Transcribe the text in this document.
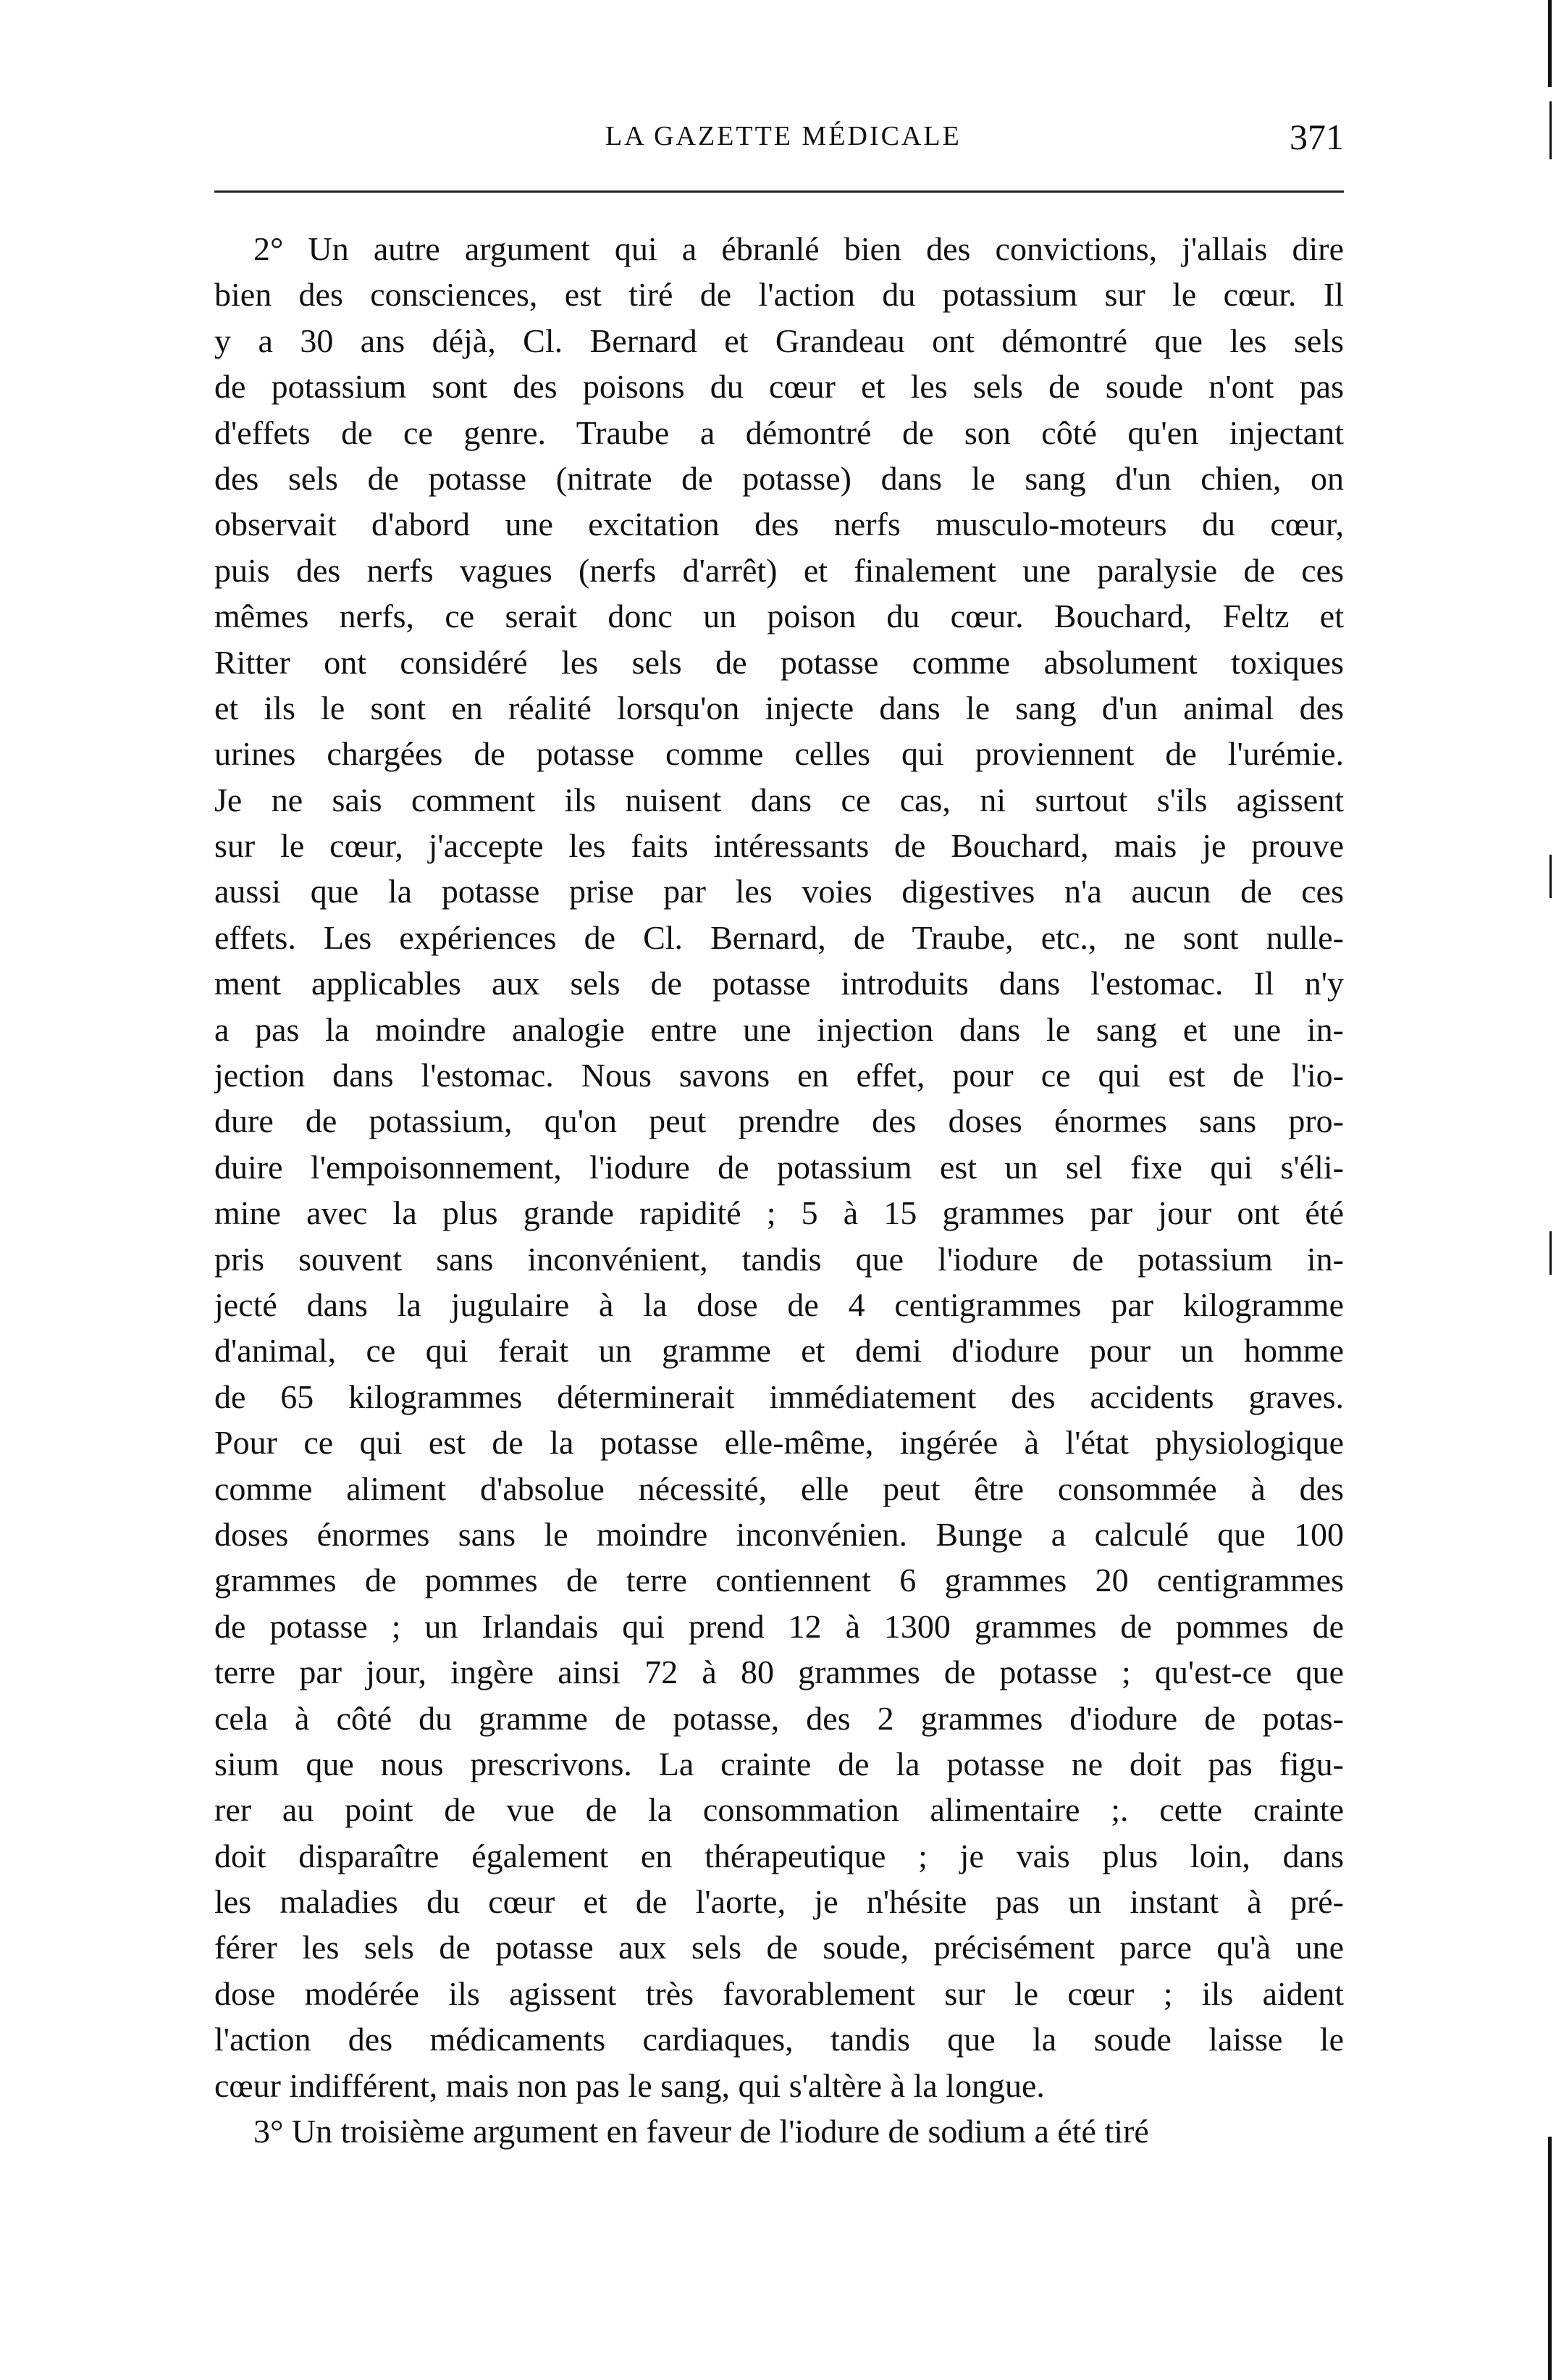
LA GAZETTE MÉDICALE	371
2° Un autre argument qui a ébranlé bien des convictions, j'allais dire
bien des consciences, est tiré de l'action du potassium sur le cœur. Il
y a 30 ans déjà, Cl. Bernard et Grandeau ont démontré que les sels
de potassium sont des poisons du cœur et les sels de soude n'ont pas
d'effets de ce genre. Traube a démontré de son côté qu'en injectant
des sels de potasse (nitrate de potasse) dans le sang d'un chien, on
observait d'abord une excitation des nerfs musculo-moteurs du cœur,
puis des nerfs vagues (nerfs d'arrêt) et finalement une paralysie de ces
mêmes nerfs, ce serait donc un poison du cœur. Bouchard, Feltz et
Ritter ont considéré les sels de potasse comme absolument toxiques
et ils le sont en réalité lorsqu'on injecte dans le sang d'un animal des
urines chargées de potasse comme celles qui proviennent de l'urémie.
Je ne sais comment ils nuisent dans ce cas, ni surtout s'ils agissent
sur le cœur, j'accepte les faits intéressants de Bouchard, mais je prouve
aussi que la potasse prise par les voies digestives n'a aucun de ces
effets. Les expériences de Cl. Bernard, de Traube, etc., ne sont nulle-
ment applicables aux sels de potasse introduits dans l'estomac. Il n'y
a pas la moindre analogie entre une injection dans le sang et une in-
jection dans l'estomac. Nous savons en effet, pour ce qui est de l'io-
dure de potassium, qu'on peut prendre des doses énormes sans pro-
duire l'empoisonnement, l'iodure de potassium est un sel fixe qui s'éli-
mine avec la plus grande rapidité ; 5 à 15 grammes par jour ont été
pris souvent sans inconvénient, tandis que l'iodure de potassium in-
jecté dans la jugulaire à la dose de 4 centigrammes par kilogramme
d'animal, ce qui ferait un gramme et demi d'iodure pour un homme
de 65 kilogrammes déterminerait immédiatement des accidents graves.
Pour ce qui est de la potasse elle-même, ingérée à l'état physiologique
comme aliment d'absolue nécessité, elle peut être consommée à des
doses énormes sans le moindre inconvénien. Bunge a calculé que 100
grammes de pommes de terre contiennent 6 grammes 20 centigrammes
de potasse ; un Irlandais qui prend 12 à 1300 grammes de pommes de
terre par jour, ingère ainsi 72 à 80 grammes de potasse ; qu'est-ce que
cela à côté du gramme de potasse, des 2 grammes d'iodure de potas-
sium que nous prescrivons. La crainte de la potasse ne doit pas figu-
rer au point de vue de la consommation alimentaire ;. cette crainte
doit disparaître également en thérapeutique ; je vais plus loin, dans
les maladies du cœur et de l'aorte, je n'hésite pas un instant à pré-
férer les sels de potasse aux sels de soude, précisément parce qu'à une
dose modérée ils agissent très favorablement sur le cœur ; ils aident
l'action des médicaments cardiaques, tandis que la soude laisse le
cœur indifférent, mais non pas le sang, qui s'altère à la longue.
3° Un troisième argument en faveur de l'iodure de sodium a été tiré
